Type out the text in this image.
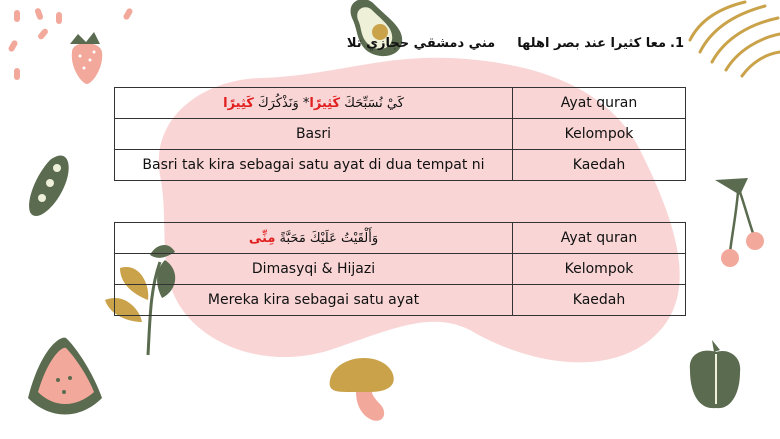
1.معا كثيرا عند بصر اهلهامني دمشقي حجازي تلا
كَيْ نُسَبِّحَكَ كَثِيرًا* وَنَذْكُرَكَ كَثِيرًا	Ayat quran
Basri	Kelompok
Basri tak kira sebagai satu ayat di dua tempat ni	Kaedah
وَأَلْقَيْتُ عَلَيْكَ مَحَبَّةً مِنِّى	Ayat quran
Dimasyqi & Hijazi	Kelompok
Mereka kira sebagai satu ayat	Kaedah
